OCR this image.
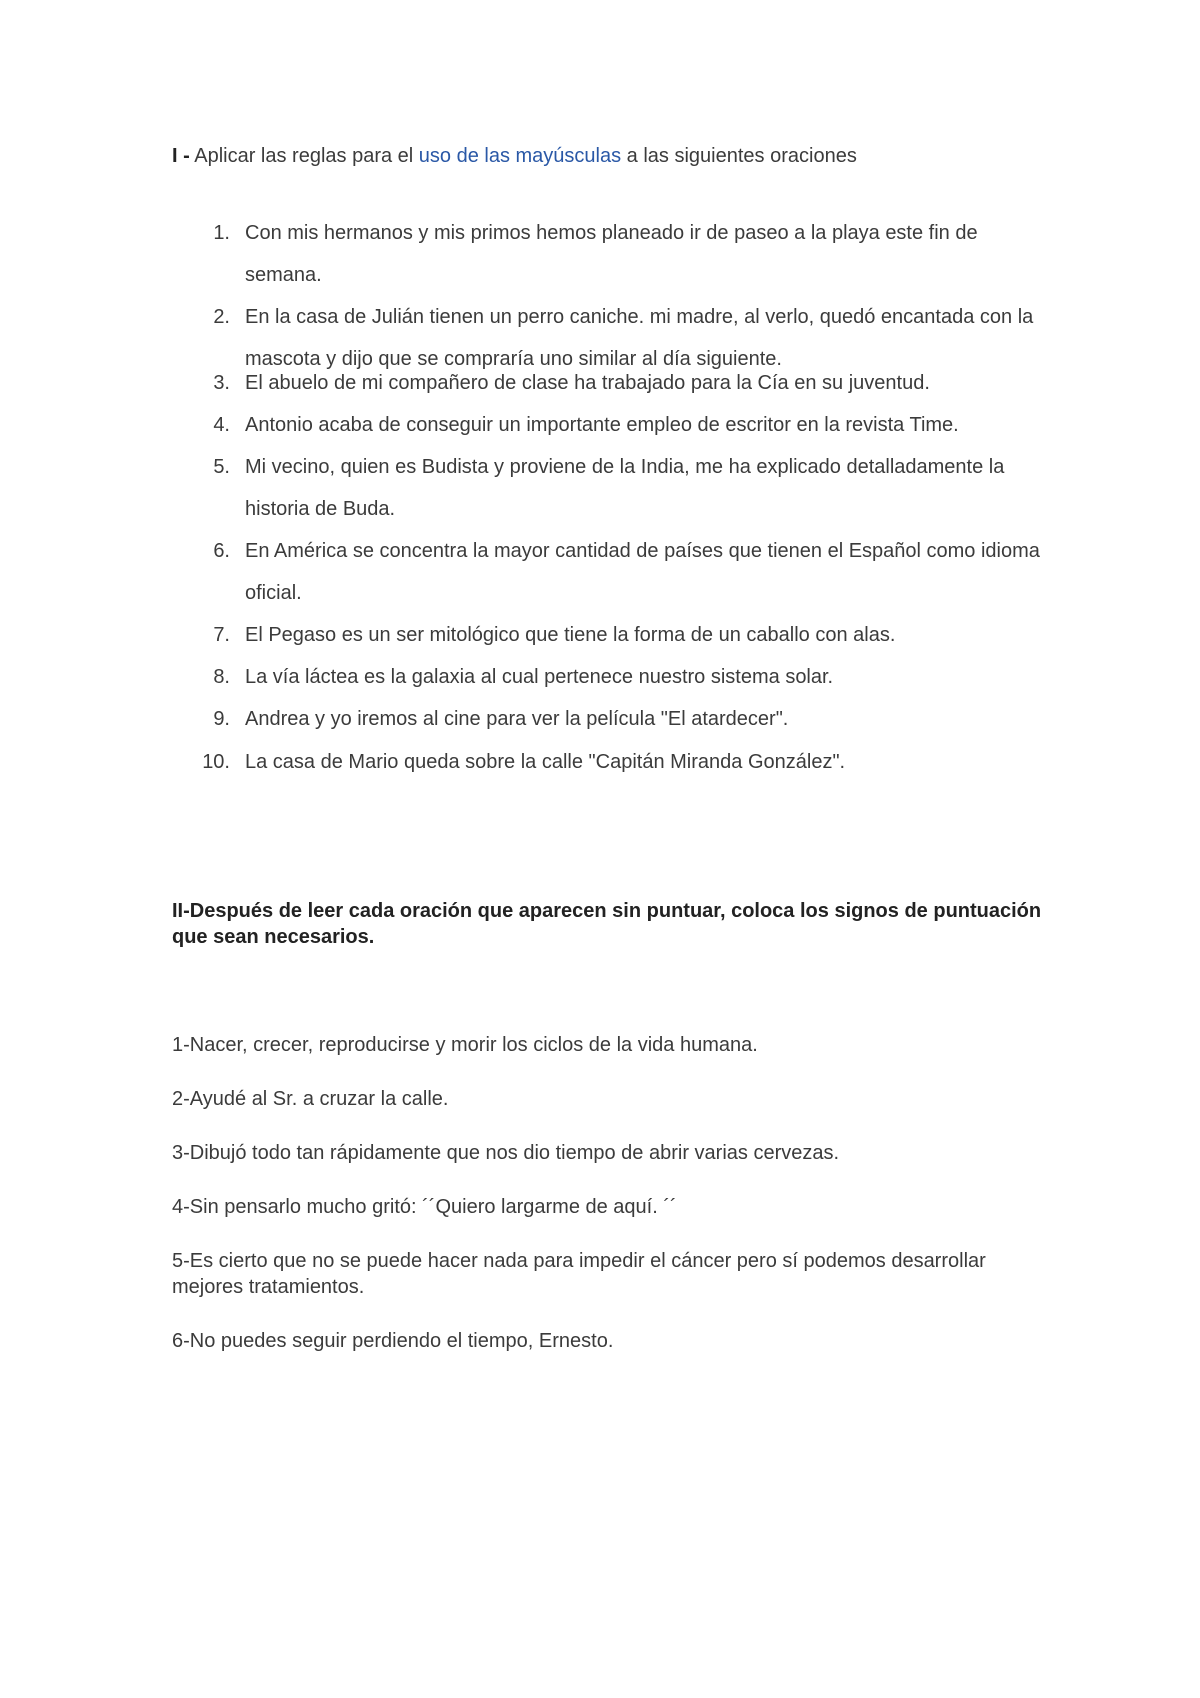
I - Aplicar las reglas para el uso de las mayúsculas a las siguientes oraciones
1. Con mis hermanos y mis primos hemos planeado ir de paseo a la playa este fin de semana.
2. En la casa de Julián tienen un perro caniche. mi madre, al verlo, quedó encantada con la mascota y dijo que se compraría uno similar al día siguiente.
3. El abuelo de mi compañero de clase ha trabajado para la Cía en su juventud.
4. Antonio acaba de conseguir un importante empleo de escritor en la revista Time.
5. Mi vecino, quien es Budista y proviene de la India, me ha explicado detalladamente la historia de Buda.
6. En América se concentra la mayor cantidad de países que tienen el Español como idioma oficial.
7. El Pegaso es un ser mitológico que tiene la forma de un caballo con alas.
8. La vía láctea es la galaxia al cual pertenece nuestro sistema solar.
9. Andrea y yo iremos al cine para ver la película "El atardecer".
10. La casa de Mario queda sobre la calle "Capitán Miranda González".
II-Después de leer cada oración que aparecen sin puntuar, coloca los signos de puntuación que sean necesarios.

1-Nacer, crecer, reproducirse y morir los ciclos de la vida humana.

2-Ayudé al Sr. a cruzar la calle.

3-Dibujó todo tan rápidamente que nos dio tiempo de abrir varias cervezas.

4-Sin pensarlo mucho gritó: ´´Quiero largarme de aquí. ´´

5-Es cierto que no se puede hacer nada para impedir el cáncer pero sí podemos desarrollar mejores tratamientos.

6-No puedes seguir perdiendo el tiempo, Ernesto.
